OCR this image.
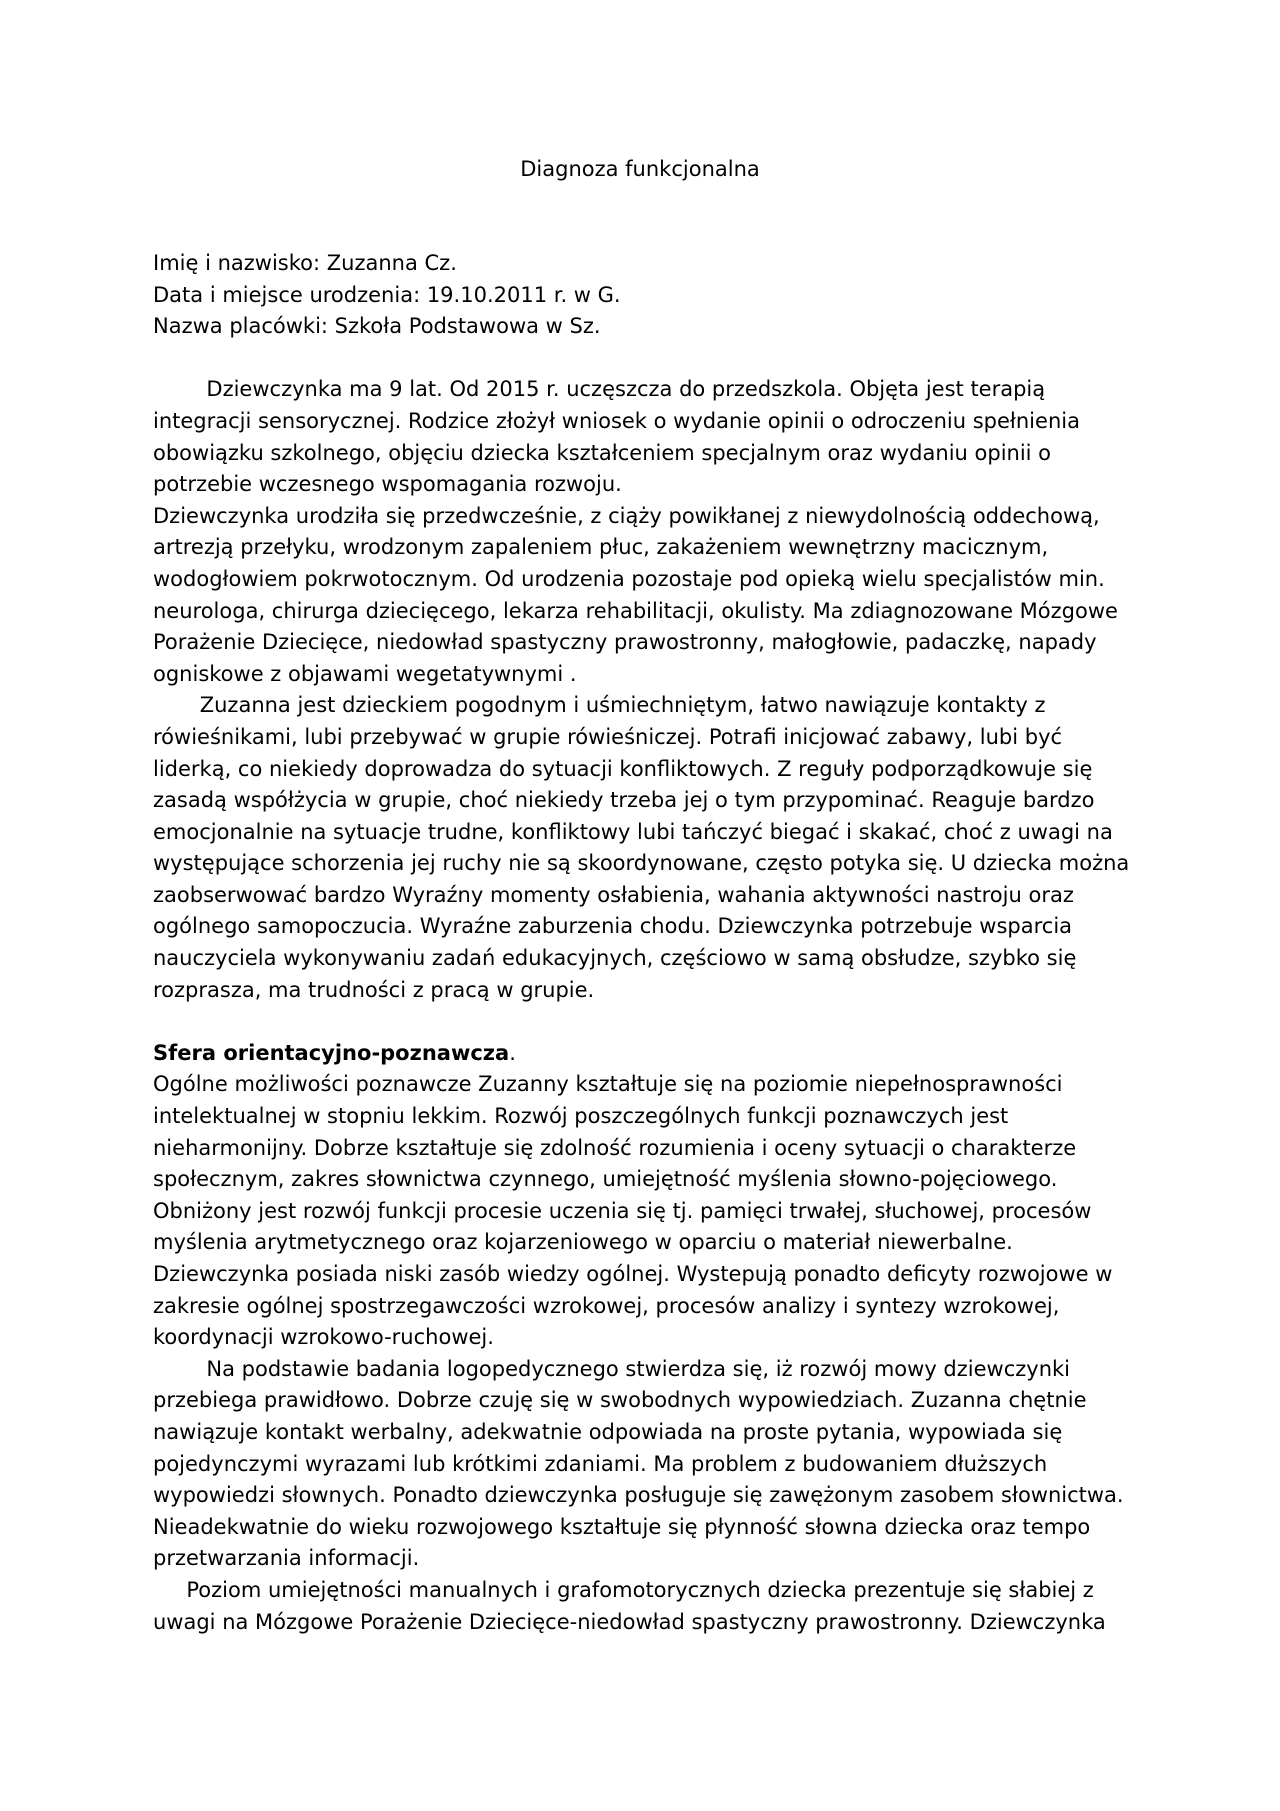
Diagnoza funkcjonalna
Imię i nazwisko: Zuzanna Cz.
Data i miejsce urodzenia: 19.10.2011 r. w G.
Nazwa placówki: Szkoła Podstawowa w Sz.
Dziewczynka ma 9 lat. Od 2015 r. uczęszcza do przedszkola. Objęta jest terapią
integracji sensorycznej. Rodzice złożył wniosek o wydanie opinii o odroczeniu spełnienia
obowiązku szkolnego, objęciu dziecka kształceniem specjalnym oraz wydaniu opinii o
potrzebie wczesnego wspomagania rozwoju.
Dziewczynka urodziła się przedwcześnie, z ciąży powikłanej z niewydolnością oddechową,
artrezją przełyku, wrodzonym zapaleniem płuc, zakażeniem wewnętrzny macicznym,
wodogłowiem pokrwotocznym. Od urodzenia pozostaje pod opieką wielu specjalistów min.
neurologa, chirurga dziecięcego, lekarza rehabilitacji, okulisty. Ma zdiagnozowane Mózgowe
Porażenie Dziecięce, niedowład spastyczny prawostronny, małogłowie, padaczkę, napady
ogniskowe z objawami wegetatywnymi .
Zuzanna jest dzieckiem pogodnym i uśmiechniętym, łatwo nawiązuje kontakty z
rówieśnikami, lubi przebywać w grupie rówieśniczej. Potrafi inicjować zabawy, lubi być
liderką, co niekiedy doprowadza do sytuacji konfliktowych. Z reguły podporządkowuje się
zasadą współżycia w grupie, choć niekiedy trzeba jej o tym przypominać. Reaguje bardzo
emocjonalnie na sytuacje trudne, konfliktowy lubi tańczyć biegać i skakać, choć z uwagi na
występujące schorzenia jej ruchy nie są skoordynowane, często potyka się. U dziecka można
zaobserwować bardzo Wyraźny momenty osłabienia, wahania aktywności nastroju oraz
ogólnego samopoczucia. Wyraźne zaburzenia chodu. Dziewczynka potrzebuje wsparcia
nauczyciela wykonywaniu zadań edukacyjnych, częściowo w samą obsłudze, szybko się
rozprasza, ma trudności z pracą w grupie.
Sfera orientacyjno-poznawcza.
Ogólne możliwości poznawcze Zuzanny kształtuje się na poziomie niepełnosprawności
intelektualnej w stopniu lekkim. Rozwój poszczególnych funkcji poznawczych jest
nieharmonijny. Dobrze kształtuje się zdolność rozumienia i oceny sytuacji o charakterze
społecznym, zakres słownictwa czynnego, umiejętność myślenia słowno-pojęciowego.
Obniżony jest rozwój funkcji procesie uczenia się tj. pamięci trwałej, słuchowej, procesów
myślenia arytmetycznego oraz kojarzeniowego w oparciu o materiał niewerbalne.
Dziewczynka posiada niski zasób wiedzy ogólnej. Wystepują ponadto deficyty rozwojowe w
zakresie ogólnej spostrzegawczości wzrokowej, procesów analizy i syntezy wzrokowej,
koordynacji wzrokowo-ruchowej.
Na podstawie badania logopedycznego stwierdza się, iż rozwój mowy dziewczynki
przebiega prawidłowo. Dobrze czuję się w swobodnych wypowiedziach. Zuzanna chętnie
nawiązuje kontakt werbalny, adekwatnie odpowiada na proste pytania, wypowiada się
pojedynczymi wyrazami lub krótkimi zdaniami. Ma problem z budowaniem dłuższych
wypowiedzi słownych. Ponadto dziewczynka posługuje się zawężonym zasobem słownictwa.
Nieadekwatnie do wieku rozwojowego kształtuje się płynność słowna dziecka oraz tempo
przetwarzania informacji.
Poziom umiejętności manualnych i grafomotorycznych dziecka prezentuje się słabiej z
uwagi na Mózgowe Porażenie Dziecięce-niedowład spastyczny prawostronny. Dziewczynka
